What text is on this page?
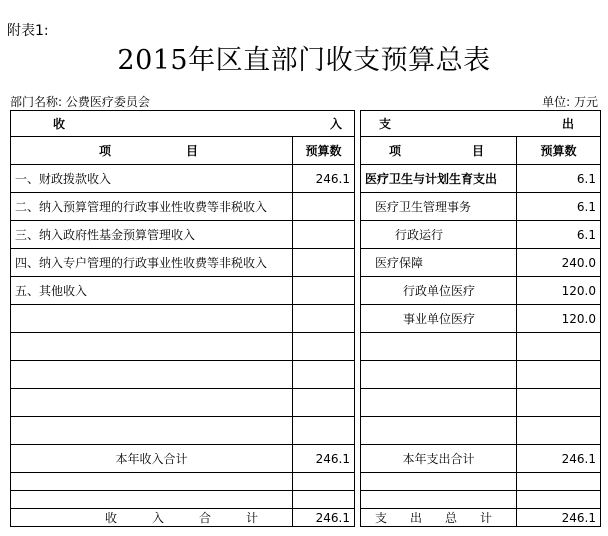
附表1:
2015年区直部门收支预算总表
部门名称: 公费医疗委员会	单位: 万元
收 入			支 出	

项 目	预算数		项 目	预算数
一、财政拨款收入	246.1		医疗卫生与计划生育支出	6.1
二、纳入预算管理的行政事业性收费等非税收入			医疗卫生管理事务	6.1
三、纳入政府性基金预算管理收入			行政运行	6.1
四、纳入专户管理的行政事业性收费等非税收入			医疗保障	240.0
五、其他收入			行政单位医疗	120.0
			事业单位医疗	120.0

本年收入合计	246.1		本年支出合计	246.1

收 入 合 计	246.1		支 出 总 计	246.1
